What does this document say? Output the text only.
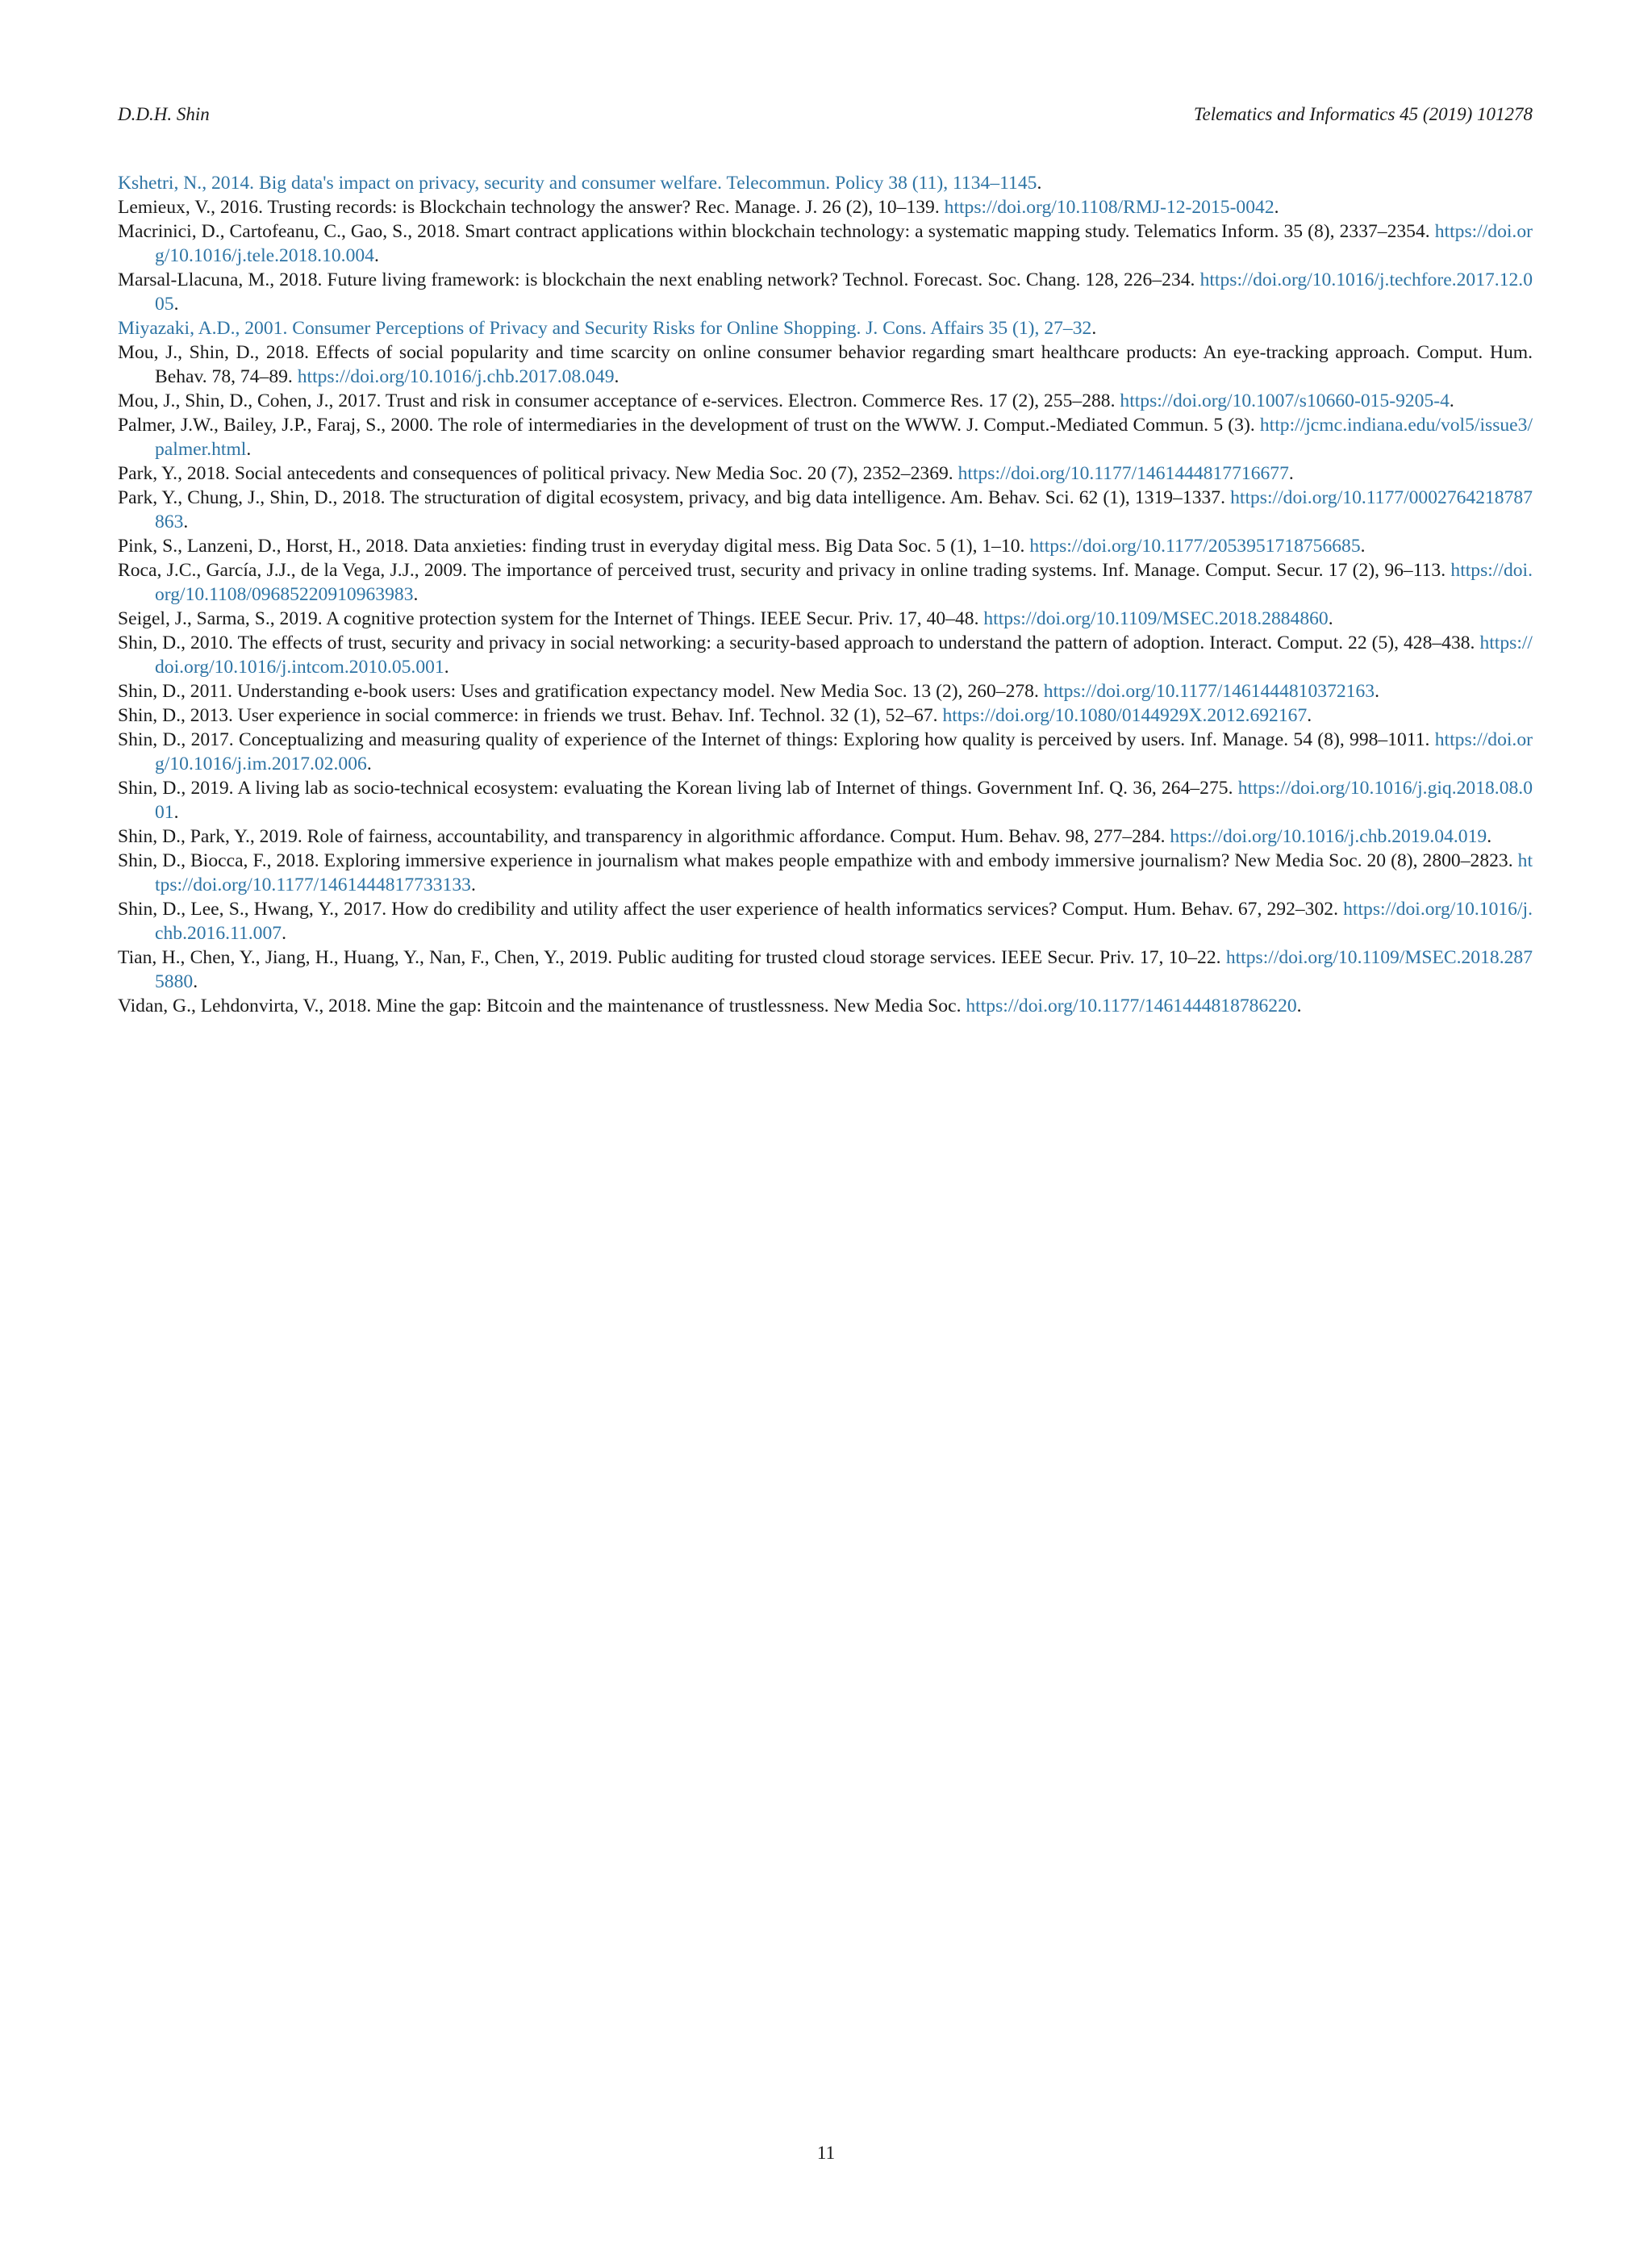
D.D.H. Shin	Telematics and Informatics 45 (2019) 101278

Kshetri, N., 2014. Big data's impact on privacy, security and consumer welfare. Telecommun. Policy 38 (11), 1134–1145.

Lemieux, V., 2016. Trusting records: is Blockchain technology the answer? Rec. Manage. J. 26 (2), 10–139. https://doi.org/10.1108/RMJ-12-2015-0042.

Macrinici, D., Cartofeanu, C., Gao, S., 2018. Smart contract applications within blockchain technology: a systematic mapping study. Telematics Inform. 35 (8), 2337–2354. https://doi.org/10.1016/j.tele.2018.10.004.

Marsal-Llacuna, M., 2018. Future living framework: is blockchain the next enabling network? Technol. Forecast. Soc. Chang. 128, 226–234. https://doi.org/10.1016/j.techfore.2017.12.005.

Miyazaki, A.D., 2001. Consumer Perceptions of Privacy and Security Risks for Online Shopping. J. Cons. Affairs 35 (1), 27–32.

Mou, J., Shin, D., 2018. Effects of social popularity and time scarcity on online consumer behavior regarding smart healthcare products: An eye-tracking approach. Comput. Hum. Behav. 78, 74–89. https://doi.org/10.1016/j.chb.2017.08.049.

Mou, J., Shin, D., Cohen, J., 2017. Trust and risk in consumer acceptance of e-services. Electron. Commerce Res. 17 (2), 255–288. https://doi.org/10.1007/s10660-015-9205-4.

Palmer, J.W., Bailey, J.P., Faraj, S., 2000. The role of intermediaries in the development of trust on the WWW. J. Comput.-Mediated Commun. 5 (3). http://jcmc.indiana.edu/vol5/issue3/palmer.html.

Park, Y., 2018. Social antecedents and consequences of political privacy. New Media Soc. 20 (7), 2352–2369. https://doi.org/10.1177/1461444817716677.

Park, Y., Chung, J., Shin, D., 2018. The structuration of digital ecosystem, privacy, and big data intelligence. Am. Behav. Sci. 62 (1), 1319–1337. https://doi.org/10.1177/0002764218787863.

Pink, S., Lanzeni, D., Horst, H., 2018. Data anxieties: finding trust in everyday digital mess. Big Data Soc. 5 (1), 1–10. https://doi.org/10.1177/2053951718756685.

Roca, J.C., García, J.J., de la Vega, J.J., 2009. The importance of perceived trust, security and privacy in online trading systems. Inf. Manage. Comput. Secur. 17 (2), 96–113. https://doi.org/10.1108/09685220910963983.

Seigel, J., Sarma, S., 2019. A cognitive protection system for the Internet of Things. IEEE Secur. Priv. 17, 40–48. https://doi.org/10.1109/MSEC.2018.2884860.

Shin, D., 2010. The effects of trust, security and privacy in social networking: a security-based approach to understand the pattern of adoption. Interact. Comput. 22 (5), 428–438. https://doi.org/10.1016/j.intcom.2010.05.001.

Shin, D., 2011. Understanding e-book users: Uses and gratification expectancy model. New Media Soc. 13 (2), 260–278. https://doi.org/10.1177/1461444810372163.

Shin, D., 2013. User experience in social commerce: in friends we trust. Behav. Inf. Technol. 32 (1), 52–67. https://doi.org/10.1080/0144929X.2012.692167.

Shin, D., 2017. Conceptualizing and measuring quality of experience of the Internet of things: Exploring how quality is perceived by users. Inf. Manage. 54 (8), 998–1011. https://doi.org/10.1016/j.im.2017.02.006.

Shin, D., 2019. A living lab as socio-technical ecosystem: evaluating the Korean living lab of Internet of things. Government Inf. Q. 36, 264–275. https://doi.org/10.1016/j.giq.2018.08.001.

Shin, D., Park, Y., 2019. Role of fairness, accountability, and transparency in algorithmic affordance. Comput. Hum. Behav. 98, 277–284. https://doi.org/10.1016/j.chb.2019.04.019.

Shin, D., Biocca, F., 2018. Exploring immersive experience in journalism what makes people empathize with and embody immersive journalism? New Media Soc. 20 (8), 2800–2823. https://doi.org/10.1177/1461444817733133.

Shin, D., Lee, S., Hwang, Y., 2017. How do credibility and utility affect the user experience of health informatics services? Comput. Hum. Behav. 67, 292–302. https://doi.org/10.1016/j.chb.2016.11.007.

Tian, H., Chen, Y., Jiang, H., Huang, Y., Nan, F., Chen, Y., 2019. Public auditing for trusted cloud storage services. IEEE Secur. Priv. 17, 10–22. https://doi.org/10.1109/MSEC.2018.2875880.

Vidan, G., Lehdonvirta, V., 2018. Mine the gap: Bitcoin and the maintenance of trustlessness. New Media Soc. https://doi.org/10.1177/1461444818786220.

11
